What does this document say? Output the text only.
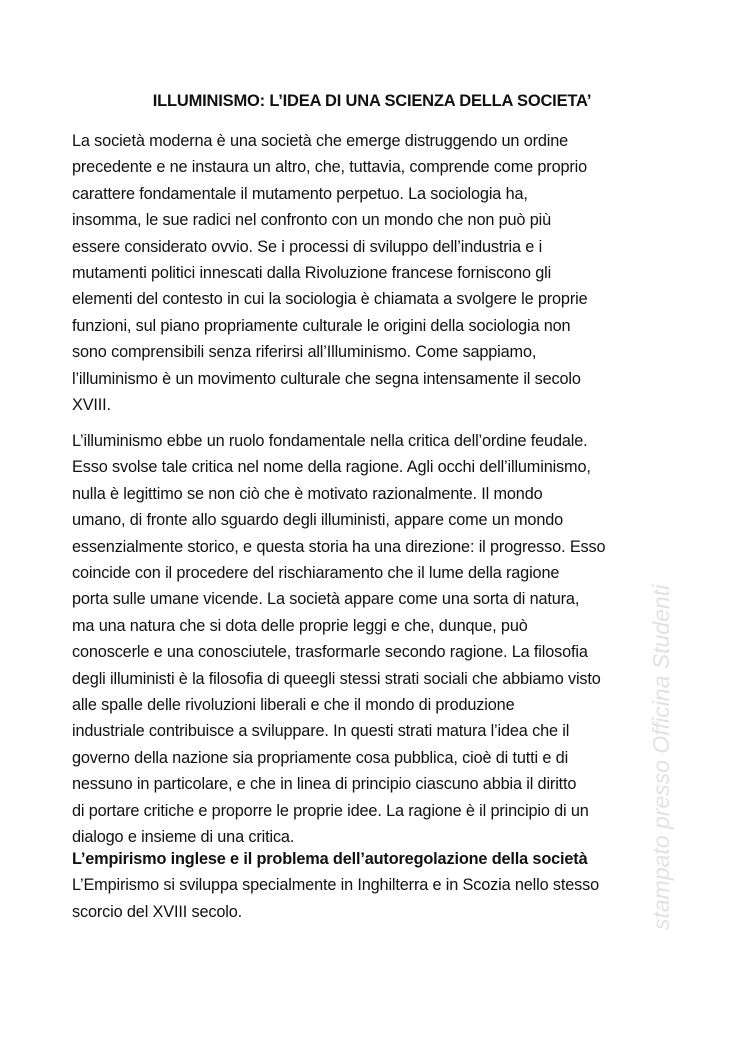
ILLUMINISMO: L’IDEA DI UNA SCIENZA DELLA SOCIETA’
La società moderna è una società che emerge distruggendo un ordine
precedente e ne instaura un altro, che, tuttavia, comprende come proprio
carattere fondamentale il mutamento perpetuo. La sociologia ha,
insomma, le sue radici nel confronto con un mondo che non può più
essere considerato ovvio. Se i processi di sviluppo dell’industria e i
mutamenti politici innescati dalla Rivoluzione francese forniscono gli
elementi del contesto in cui la sociologia è chiamata a svolgere le proprie
funzioni, sul piano propriamente culturale le origini della sociologia non
sono comprensibili senza riferirsi all’Illuminismo. Come sappiamo,
l’illuminismo è un movimento culturale che segna intensamente il secolo
XVIII.
L’illuminismo ebbe un ruolo fondamentale nella critica dell’ordine feudale.
Esso svolse tale critica nel nome della ragione. Agli occhi dell’illuminismo,
nulla è legittimo se non ciò che è motivato razionalmente. Il mondo
umano, di fronte allo sguardo degli illuministi, appare come un mondo
essenzialmente storico, e questa storia ha una direzione: il progresso. Esso
coincide con il procedere del rischiaramento che il lume della ragione
porta sulle umane vicende. La società appare come una sorta di natura,
ma una natura che si dota delle proprie leggi e che, dunque, può
conoscerle e una conosciutele, trasformarle secondo ragione. La filosofia
degli illuministi è la filosofia di queegli stessi strati sociali che abbiamo visto
alle spalle delle rivoluzioni liberali e che il mondo di produzione
industriale contribuisce a sviluppare. In questi strati matura l’idea che il
governo della nazione sia propriamente cosa pubblica, cioè di tutti e di
nessuno in particolare, e che in linea di principio ciascuno abbia il diritto
di portare critiche e proporre le proprie idee. La ragione è il principio di un
dialogo e insieme di una critica.
L’empirismo inglese e il problema dell’autoregolazione della società
L’Empirismo si sviluppa specialmente in Inghilterra e in Scozia nello stesso
scorcio del XVIII secolo.	stampato presso Officina Studenti
